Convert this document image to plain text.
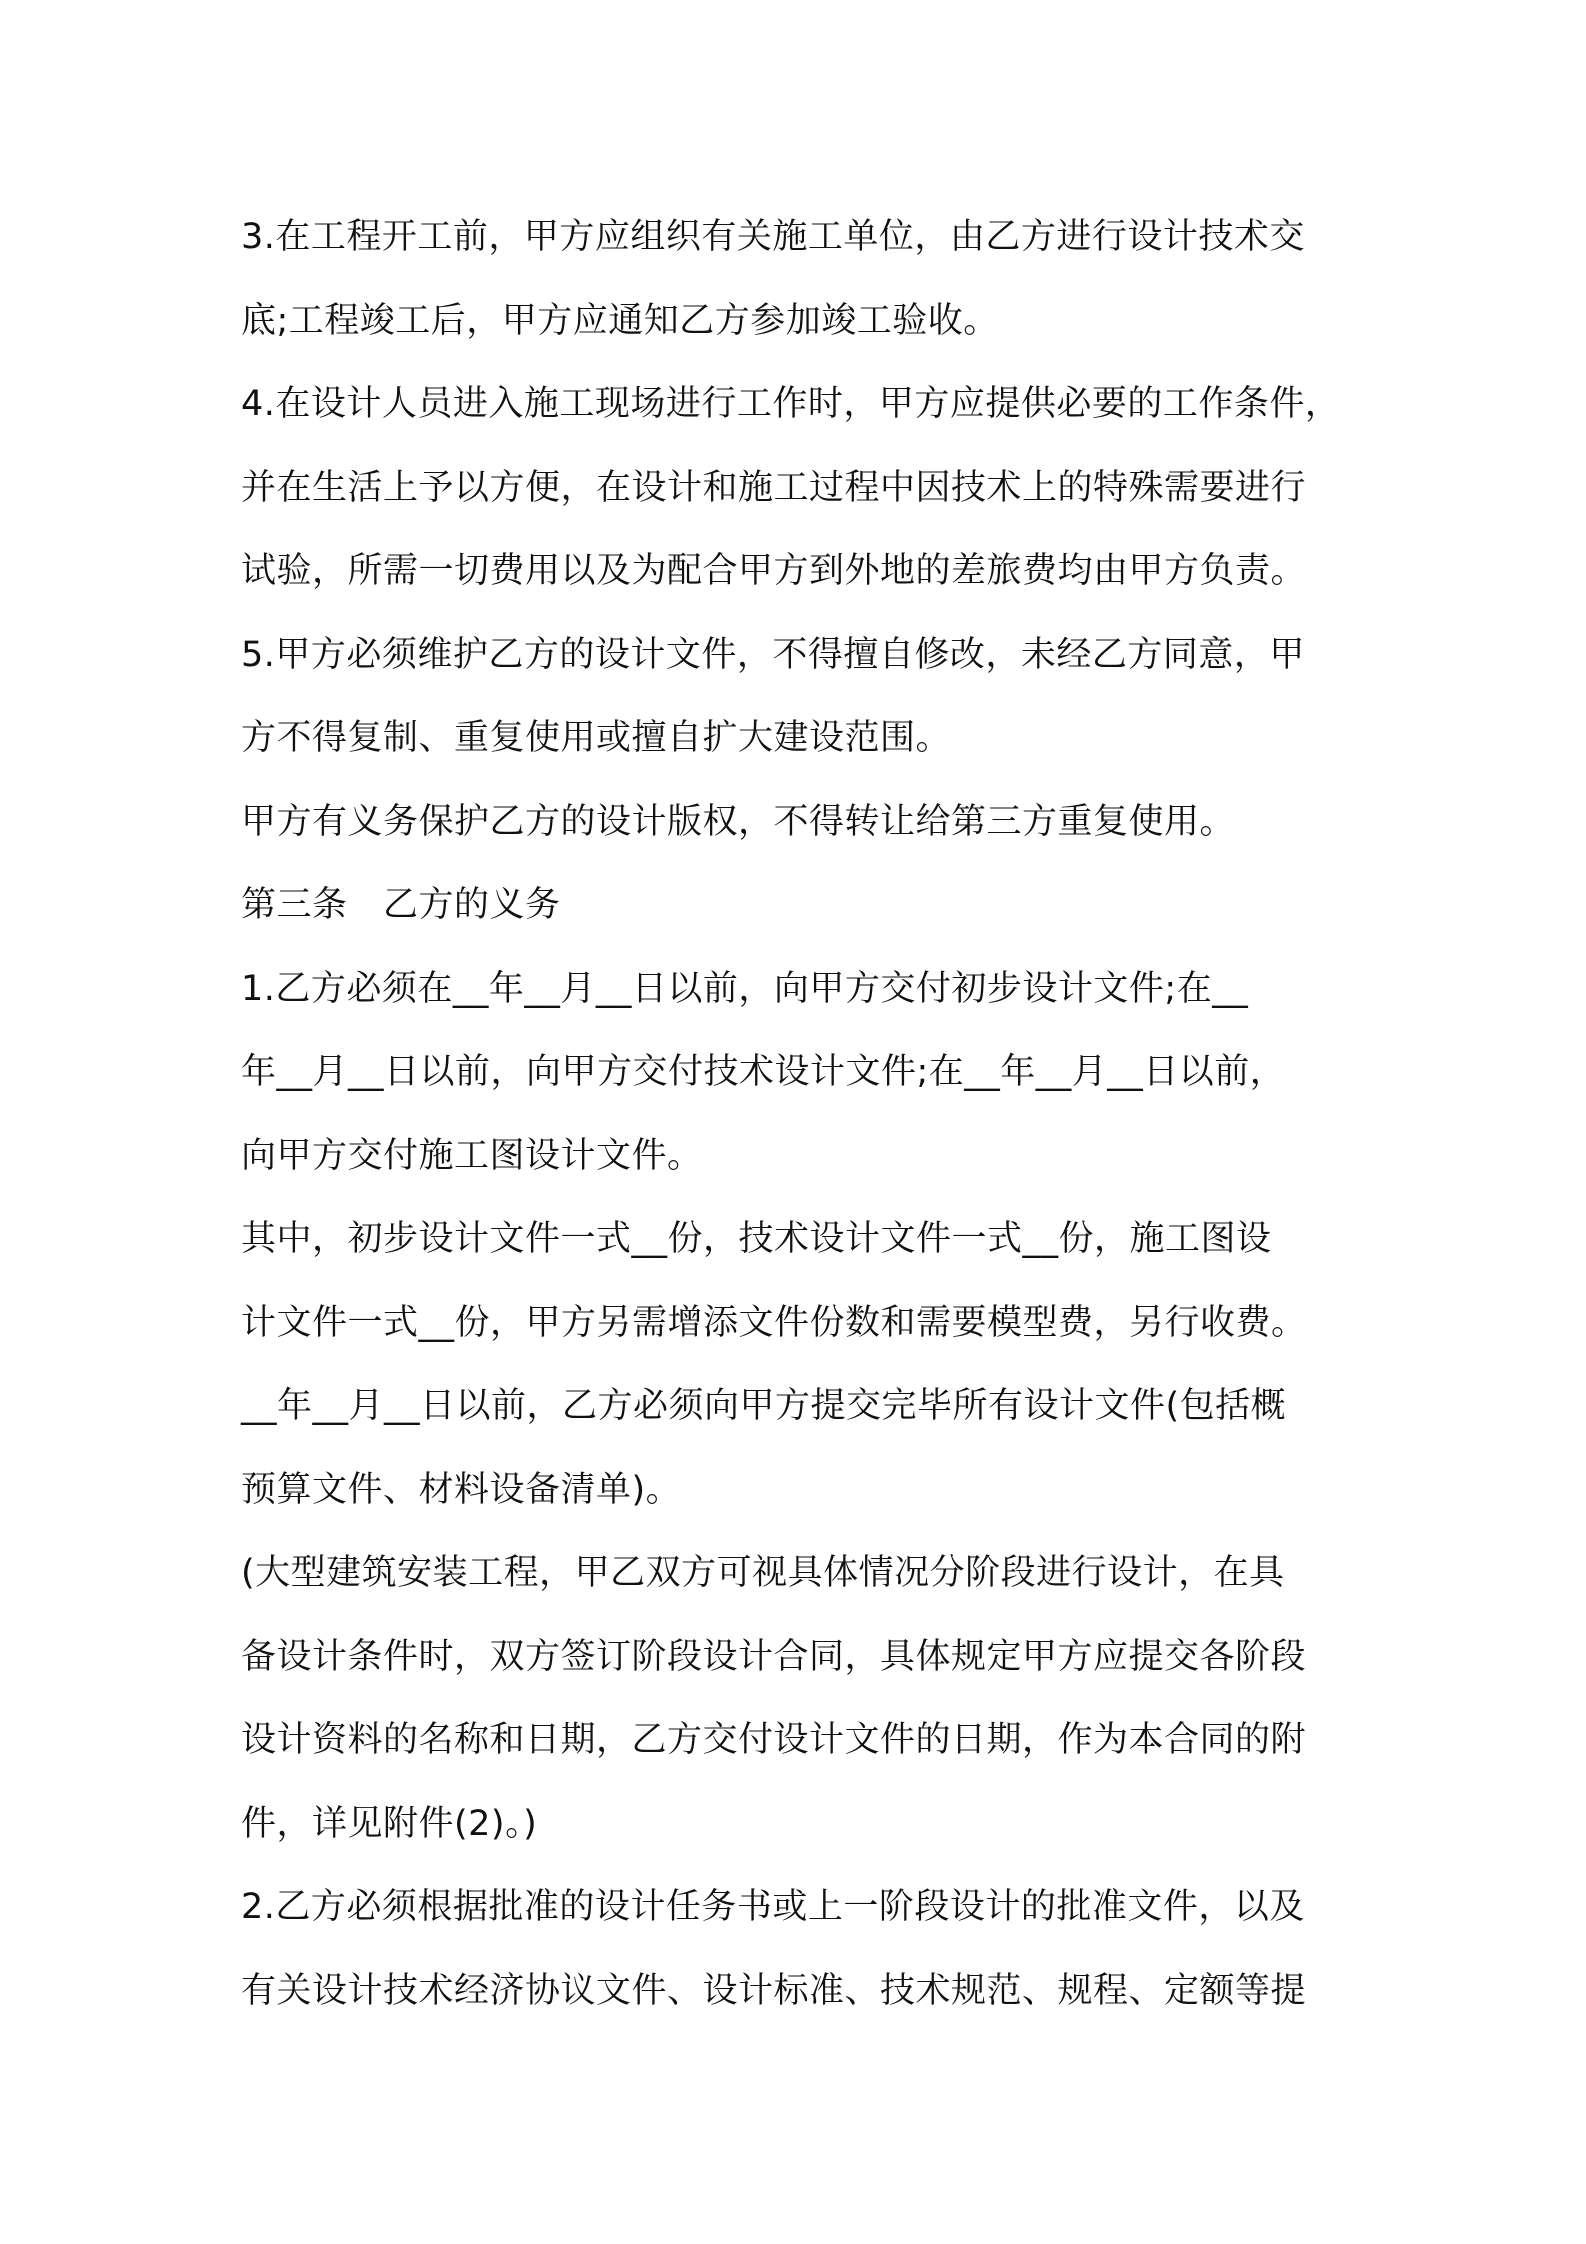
3.在工程开工前，甲方应组织有关施工单位，由乙方进行设计技术交
底;工程竣工后，甲方应通知乙方参加竣工验收。
4.在设计人员进入施工现场进行工作时，甲方应提供必要的工作条件，
并在生活上予以方便，在设计和施工过程中因技术上的特殊需要进行
试验，所需一切费用以及为配合甲方到外地的差旅费均由甲方负责。
5.甲方必须维护乙方的设计文件，不得擅自修改，未经乙方同意，甲
方不得复制、重复使用或擅自扩大建设范围。
甲方有义务保护乙方的设计版权，不得转让给第三方重复使用。
第三条　乙方的义务
1.乙方必须在__年__月__日以前，向甲方交付初步设计文件;在__
年__月__日以前，向甲方交付技术设计文件;在__年__月__日以前，
向甲方交付施工图设计文件。
其中，初步设计文件一式__份，技术设计文件一式__份，施工图设
计文件一式__份，甲方另需增添文件份数和需要模型费，另行收费。
__年__月__日以前，乙方必须向甲方提交完毕所有设计文件(包括概
预算文件、材料设备清单)。
(大型建筑安装工程，甲乙双方可视具体情况分阶段进行设计，在具
备设计条件时，双方签订阶段设计合同，具体规定甲方应提交各阶段
设计资料的名称和日期，乙方交付设计文件的日期，作为本合同的附
件，详见附件(2)。)
2.乙方必须根据批准的设计任务书或上一阶段设计的批准文件，以及
有关设计技术经济协议文件、设计标准、技术规范、规程、定额等提
